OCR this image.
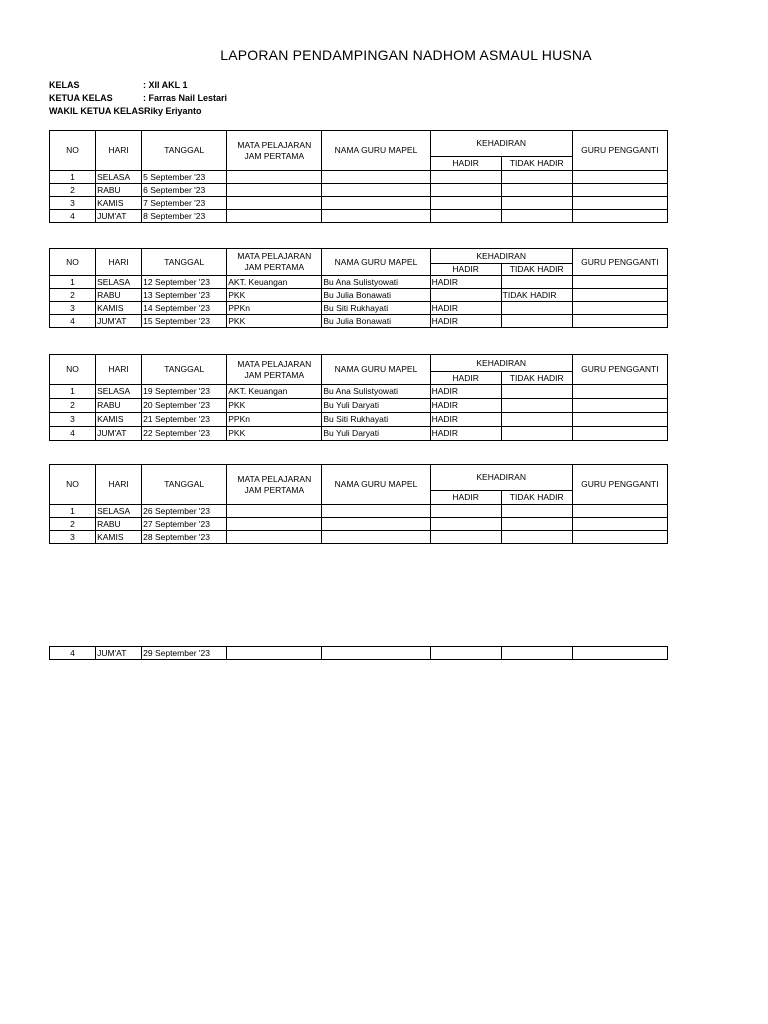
LAPORAN PENDAMPINGAN NADHOM ASMAUL HUSNA
KELAS	: XII AKL 1
KETUA KELAS	: Farras Nail Lestari
WAKIL KETUA KELASRiky Eriyanto
NO	HARI	TANGGAL	MATA PELAJARAN
JAM PERTAMA	NAMA GURU MAPEL	KEHADIRAN		GURU PENGGANTI
					HADIR	TIDAK HADIR	
1	SELASA	5 September '23					
2	RABU	6 September '23					
3	KAMIS	7 September '23					
4	JUM'AT	8 September '23					
NO	HARI	TANGGAL	MATA PELAJARAN
JAM PERTAMA	NAMA GURU MAPEL	KEHADIRAN		GURU PENGGANTI
					HADIR	TIDAK HADIR	
1	SELASA	12 September '23	AKT. Keuangan	Bu Ana Sulistyowati	HADIR		
2	RABU	13 September '23	PKK	Bu Julia Bonawati		TIDAK HADIR	
3	KAMIS	14 September '23	PPKn	Bu Siti Rukhayati	HADIR		
4	JUM'AT	15 September '23	PKK	Bu Julia Bonawati	HADIR		
NO	HARI	TANGGAL	MATA PELAJARAN
JAM PERTAMA	NAMA GURU MAPEL	KEHADIRAN		GURU PENGGANTI
					HADIR	TIDAK HADIR	
1	SELASA	19 September '23	AKT. Keuangan	Bu Ana Sulistyowati	HADIR		
2	RABU	20 September '23	PKK	Bu Yuli Daryati	HADIR		
3	KAMIS	21 September '23	PPKn	Bu Siti Rukhayati	HADIR		
4	JUM'AT	22 September '23	PKK	Bu Yuli Daryati	HADIR		
NO	HARI	TANGGAL	MATA PELAJARAN
JAM PERTAMA	NAMA GURU MAPEL	KEHADIRAN		GURU PENGGANTI
					HADIR	TIDAK HADIR	
1	SELASA	26 September '23					
2	RABU	27 September '23					
3	KAMIS	28 September '23					
4	JUM'AT	29 September '23					
